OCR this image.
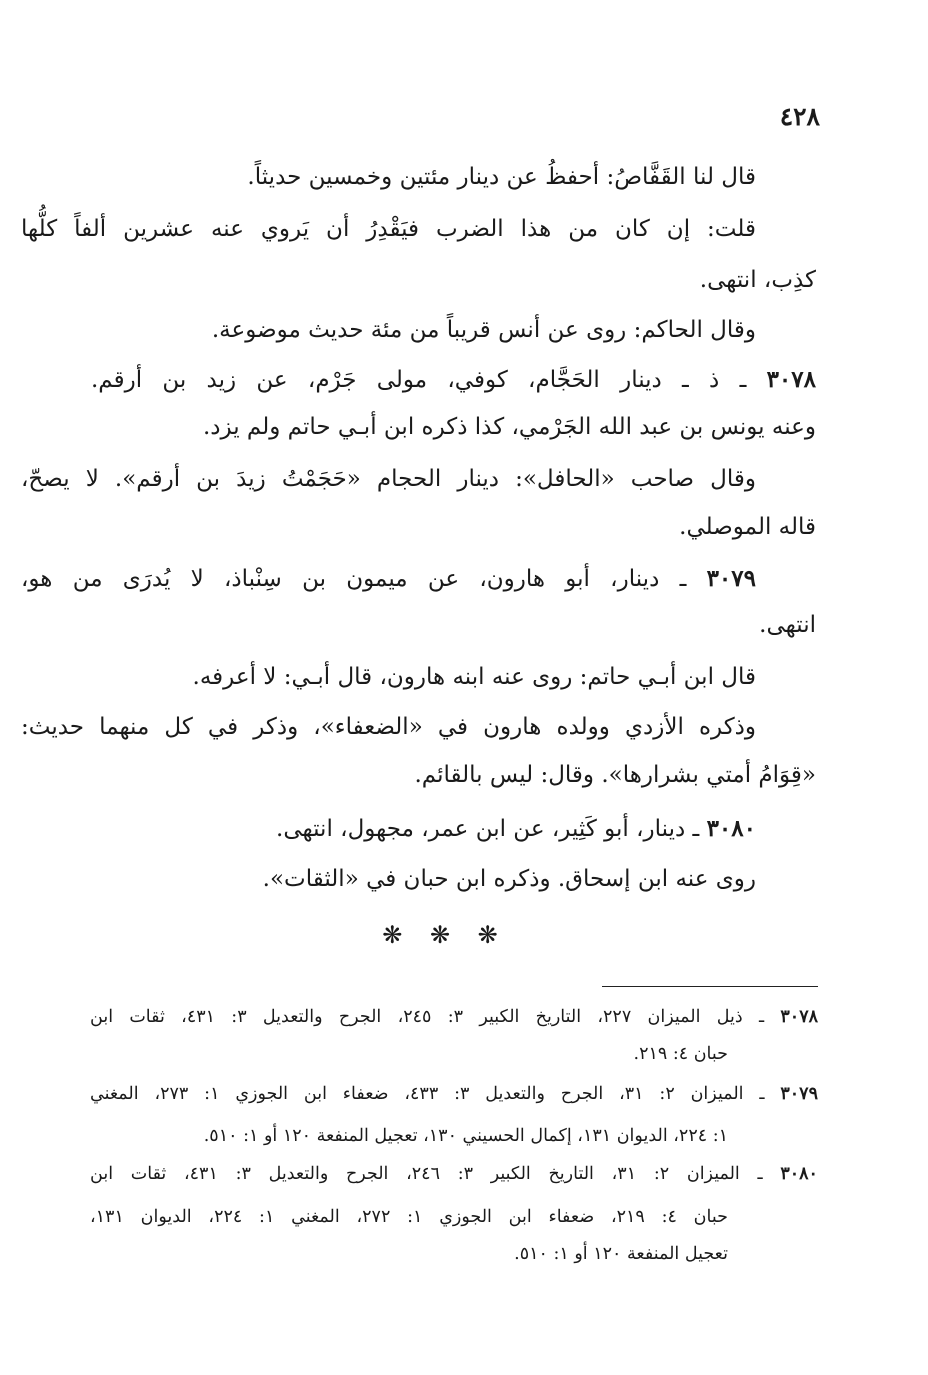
٤٢٨
قال لنا القَفَّاصُ: أحفظُ عن دينار مئتين وخمسين حديثاً.
قلت: إن كان من هذا الضرب فيَقْدِرُ أن يَروي عنه عشرين ألفاً كلُّها
كذِب، انتهى.
وقال الحاكم: روى عن أنس قريباً من مئة حديث موضوعة.
٣٠٧٨ ـ ذ ـ دينار الحَجَّام، كوفي، مولى جَرْم، عن زيد بن أرقم.
وعنه يونس بن عبد الله الجَرْمي، كذا ذكره ابن أبـي حاتم ولم يزد.
وقال صاحب «الحافل»: دينار الحجام «حَجَمْتُ زيدَ بن أرقم». لا يصحّ،
قاله الموصلي.
٣٠٧٩ ـ دينار، أبو هارون، عن ميمون بن سِنْباذ، لا يُدرَى من هو،
انتهى.
قال ابن أبـي حاتم: روى عنه ابنه هارون، قال أبـي: لا أعرفه.
وذكره الأزدي وولده هارون في «الضعفاء»، وذكر في كل منهما حديث:
«قِوَامُ أمتي بشرارها». وقال: ليس بالقائم.
٣٠٨٠ ـ دينار، أبو كَثِير، عن ابن عمر، مجهول، انتهى.
روى عنه ابن إسحاق. وذكره ابن حبان في «الثقات».
❋ ❋ ❋
٣٠٧٨ ـ ذيل الميزان ٢٢٧، التاريخ الكبير ٣: ٢٤٥، الجرح والتعديل ٣: ٤٣١، ثقات ابن
حبان ٤: ٢١٩.
٣٠٧٩ ـ الميزان ٢: ٣١، الجرح والتعديل ٣: ٤٣٣، ضعفاء ابن الجوزي ١: ٢٧٣، المغني
١: ٢٢٤، الديوان ١٣١، إكمال الحسيني ١٣٠، تعجيل المنفعة ١٢٠ أو ١: ٥١٠.
٣٠٨٠ ـ الميزان ٢: ٣١، التاريخ الكبير ٣: ٢٤٦، الجرح والتعديل ٣: ٤٣١، ثقات ابن
حبان ٤: ٢١٩، ضعفاء ابن الجوزي ١: ٢٧٢، المغني ١: ٢٢٤، الديوان ١٣١،
تعجيل المنفعة ١٢٠ أو ١: ٥١٠.
